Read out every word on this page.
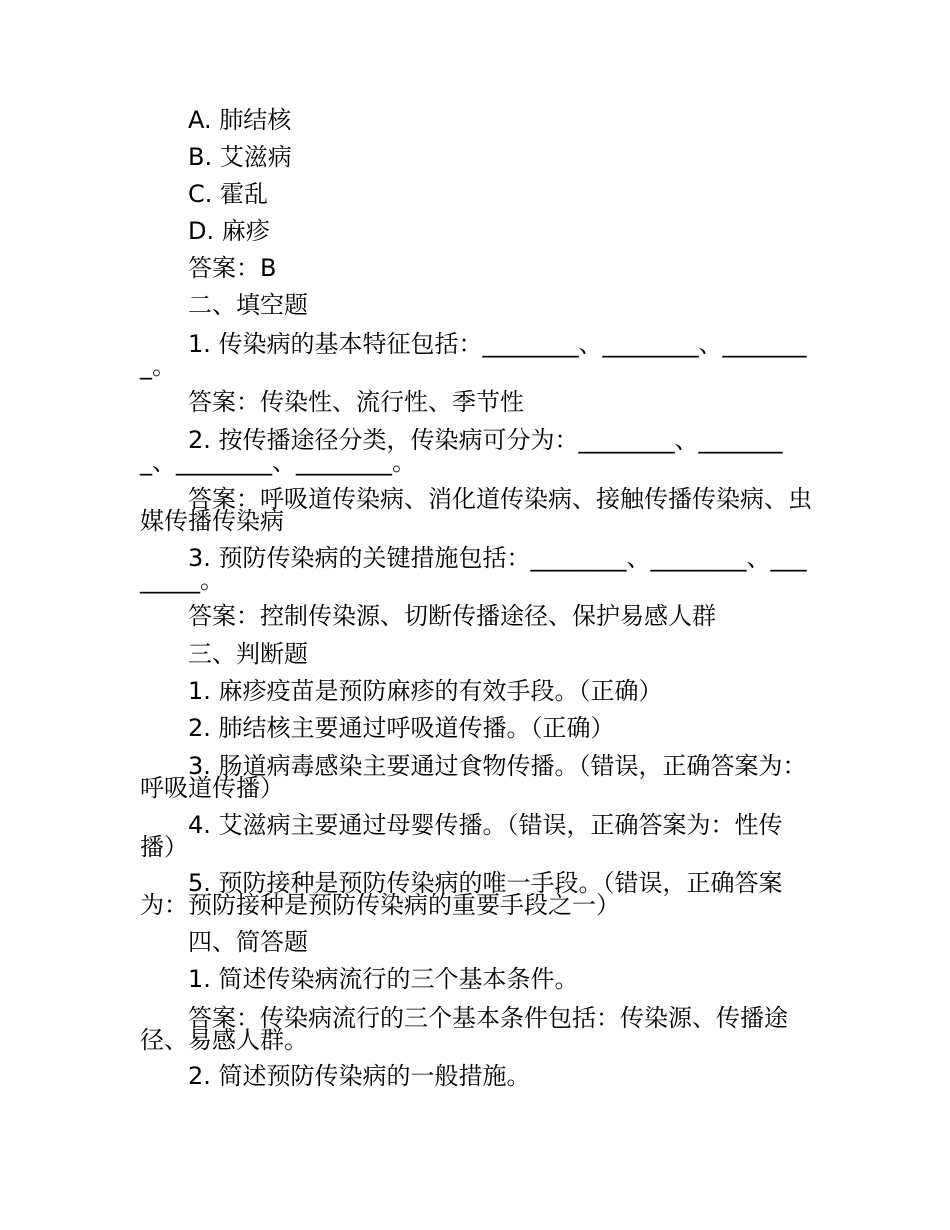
A. 肺结核
B. 艾滋病
C. 霍乱
D. 麻疹
答案：B
二、填空题
1. 传染病的基本特征包括：________、________、________。
答案：传染性、流行性、季节性
2. 按传播途径分类，传染病可分为：________、________、________、________。
答案：呼吸道传染病、消化道传染病、接触传播传染病、虫媒传播传染病
3. 预防传染病的关键措施包括：________、________、________。
答案：控制传染源、切断传播途径、保护易感人群
三、判断题
1. 麻疹疫苗是预防麻疹的有效手段。（正确）
2. 肺结核主要通过呼吸道传播。（正确）
3. 肠道病毒感染主要通过食物传播。（错误，正确答案为：呼吸道传播）
4. 艾滋病主要通过母婴传播。（错误，正确答案为：性传播）
5. 预防接种是预防传染病的唯一手段。（错误，正确答案为：预防接种是预防传染病的重要手段之一）
四、简答题
1. 简述传染病流行的三个基本条件。
答案：传染病流行的三个基本条件包括：传染源、传播途径、易感人群。
2. 简述预防传染病的一般措施。
